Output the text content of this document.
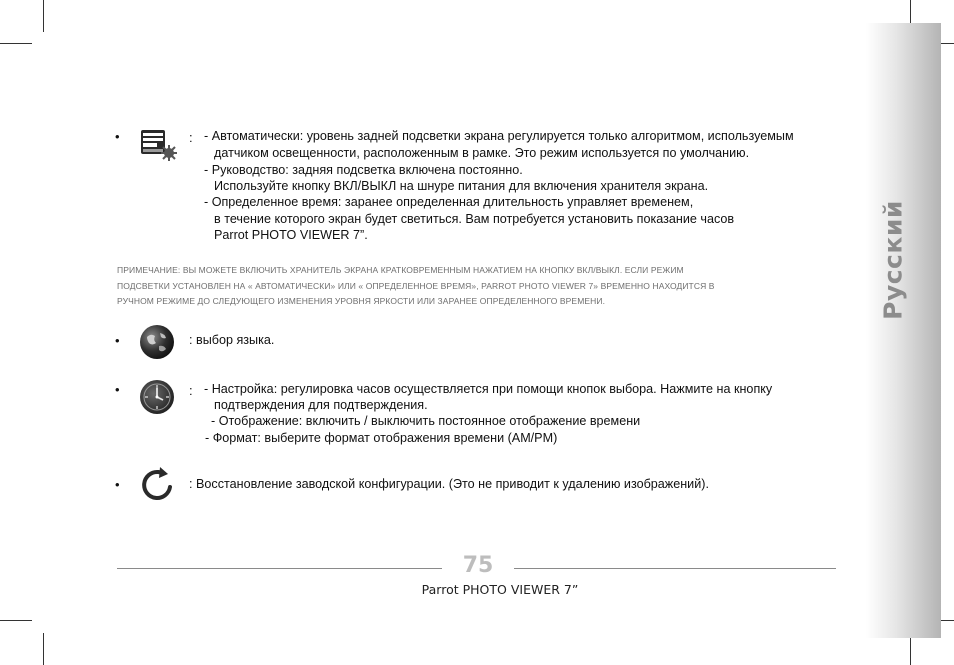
Русский
•	: - Автоматически: уровень задней подсветки экрана регулируется только алгоритмом, используемым
датчиком освещенности, расположенным в рамке. Это режим используется по умолчанию.
- Руководство: задняя подсветка включена постоянно.
Используйте кнопку ВКЛ/ВЫКЛ на шнуре питания для включения хранителя экрана.
- Определенное время: заранее определенная длительность управляет временем,
в течение которого экран будет светиться. Вам потребуется установить показание часов
Parrot PHOTO VIEWER 7”.

ПРИМЕЧАНИЕ: ВЫ МОЖЕТЕ ВКЛЮЧИТЬ ХРАНИТЕЛЬ ЭКРАНА КРАТКОВРЕМЕННЫМ НАЖАТИЕМ НА КНОПКУ ВКЛ/ВЫКЛ. ЕСЛИ РЕЖИМ

ПОДСВЕТКИ УСТАНОВЛЕН НА « АВТОМАТИЧЕСКИ» ИЛИ « ОПРЕДЕЛЕННОЕ ВРЕМЯ», PARROT PHOTO VIEWER 7» ВРЕМЕННО НАХОДИТСЯ В

РУЧНОМ РЕЖИМЕ ДО СЛЕДУЮЩЕГО ИЗМЕНЕНИЯ УРОВНЯ ЯРКОСТИ ИЛИ ЗАРАНЕЕ ОПРЕДЕЛЕННОГО ВРЕМЕНИ.

•	: выбор языка.
•	: - Настройка: регулировка часов осуществляется при помощи кнопок выбора. Нажмите на кнопку
подтверждения для подтверждения.
- Отображение: включить / выключить постоянное отображение времени
- Формат: выберите формат отображения времени (AM/PM)
•	: Восстановление заводской конфигурации. (Это не приводит к удалению изображений).
75
Parrot PHOTO VIEWER 7”
